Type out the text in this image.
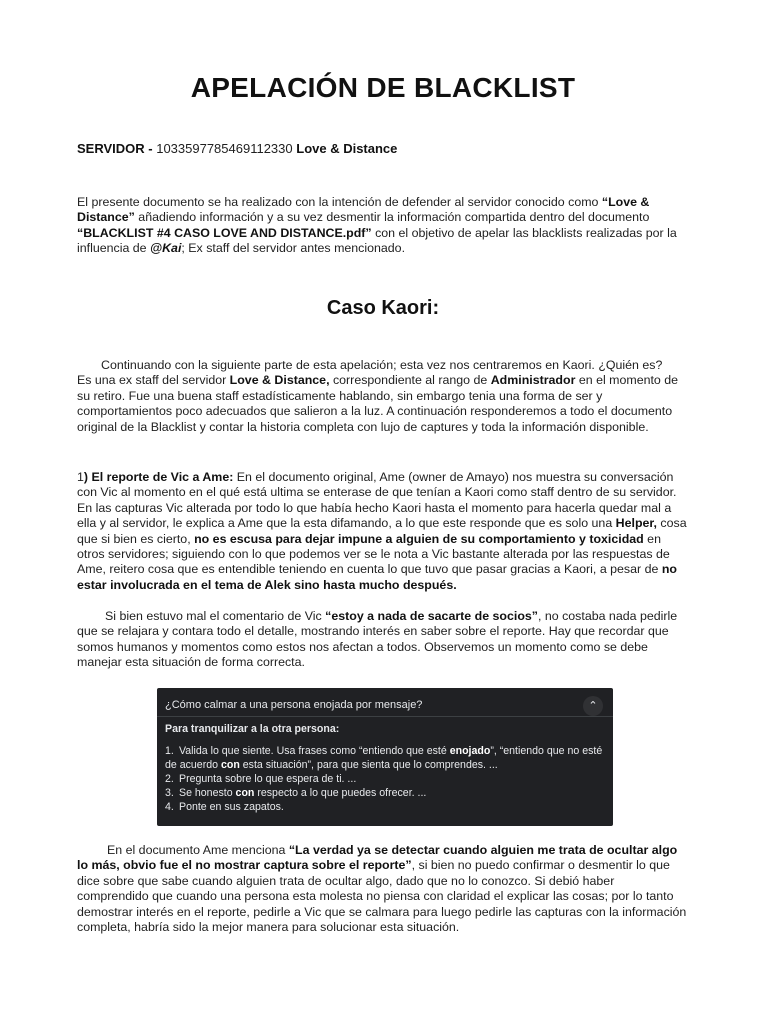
APELACIÓN DE BLACKLIST
SERVIDOR - 1033597785469112330 Love & Distance
El presente documento se ha realizado con la intención de defender al servidor conocido como “Love & Distance” añadiendo información y a su vez desmentir la información compartida dentro del documento “BLACKLIST #4 CASO LOVE AND DISTANCE.pdf” con el objetivo de apelar las blacklists realizadas por la influencia de @Kai; Ex staff del servidor antes mencionado.
Caso Kaori:
Continuando con la siguiente parte de esta apelación; esta vez nos centraremos en Kaori. ¿Quién es?
Es una ex staff del servidor Love & Distance, correspondiente al rango de Administrador en el momento de su retiro. Fue una buena staff estadísticamente hablando, sin embargo tenia una forma de ser y comportamientos poco adecuados que salieron a la luz. A continuación responderemos a todo el documento original de la Blacklist y contar la historia completa con lujo de captures y toda la información disponible.
1) El reporte de Vic a Ame: En el documento original, Ame (owner de Amayo) nos muestra su conversación con Vic al momento en el qué está ultima se enterase de que tenían a Kaori como staff dentro de su servidor. En las capturas Vic alterada por todo lo que había hecho Kaori hasta el momento para hacerla quedar mal a ella y al servidor, le explica a Ame que la esta difamando, a lo que este responde que es solo una Helper, cosa que si bien es cierto, no es escusa para dejar impune a alguien de su comportamiento y toxicidad en otros servidores; siguiendo con lo que podemos ver se le nota a Vic bastante alterada por las respuestas de Ame, reitero cosa que es entendible teniendo en cuenta lo que tuvo que pasar gracias a Kaori, a pesar de no estar involucrada en el tema de Alek sino hasta mucho después.
Si bien estuvo mal el comentario de Vic “estoy a nada de sacarte de socios”, no costaba nada pedirle que se relajara y contara todo el detalle, mostrando interés en saber sobre el reporte. Hay que recordar que somos humanos y momentos como estos nos afectan a todos. Observemos un momento como se debe manejar esta situación de forma correcta.
En el documento Ame menciona “La verdad ya se detectar cuando alguien me trata de ocultar algo lo más, obvio fue el no mostrar captura sobre el reporte”, si bien no puedo confirmar o desmentir lo que dice sobre que sabe cuando alguien trata de ocultar algo, dado que no lo conozco. Si debió haber comprendido que cuando una persona esta molesta no piensa con claridad el explicar las cosas; por lo tanto demostrar interés en el reporte, pedirle a Vic que se calmara para luego pedirle las capturas con la información completa, habría sido la mejor manera para solucionar esta situación.
¿Cómo calmar a una persona enojada por mensaje?	⌃
Para tranquilizar a la otra persona:
1. Valida lo que siente. Usa frases como “entiendo que esté enojado”, “entiendo que no esté de acuerdo con esta situación”, para que sienta que lo comprendes. ...
2. Pregunta sobre lo que espera de ti. ...
3. Se honesto con respecto a lo que puedes ofrecer. ...
4. Ponte en sus zapatos.
